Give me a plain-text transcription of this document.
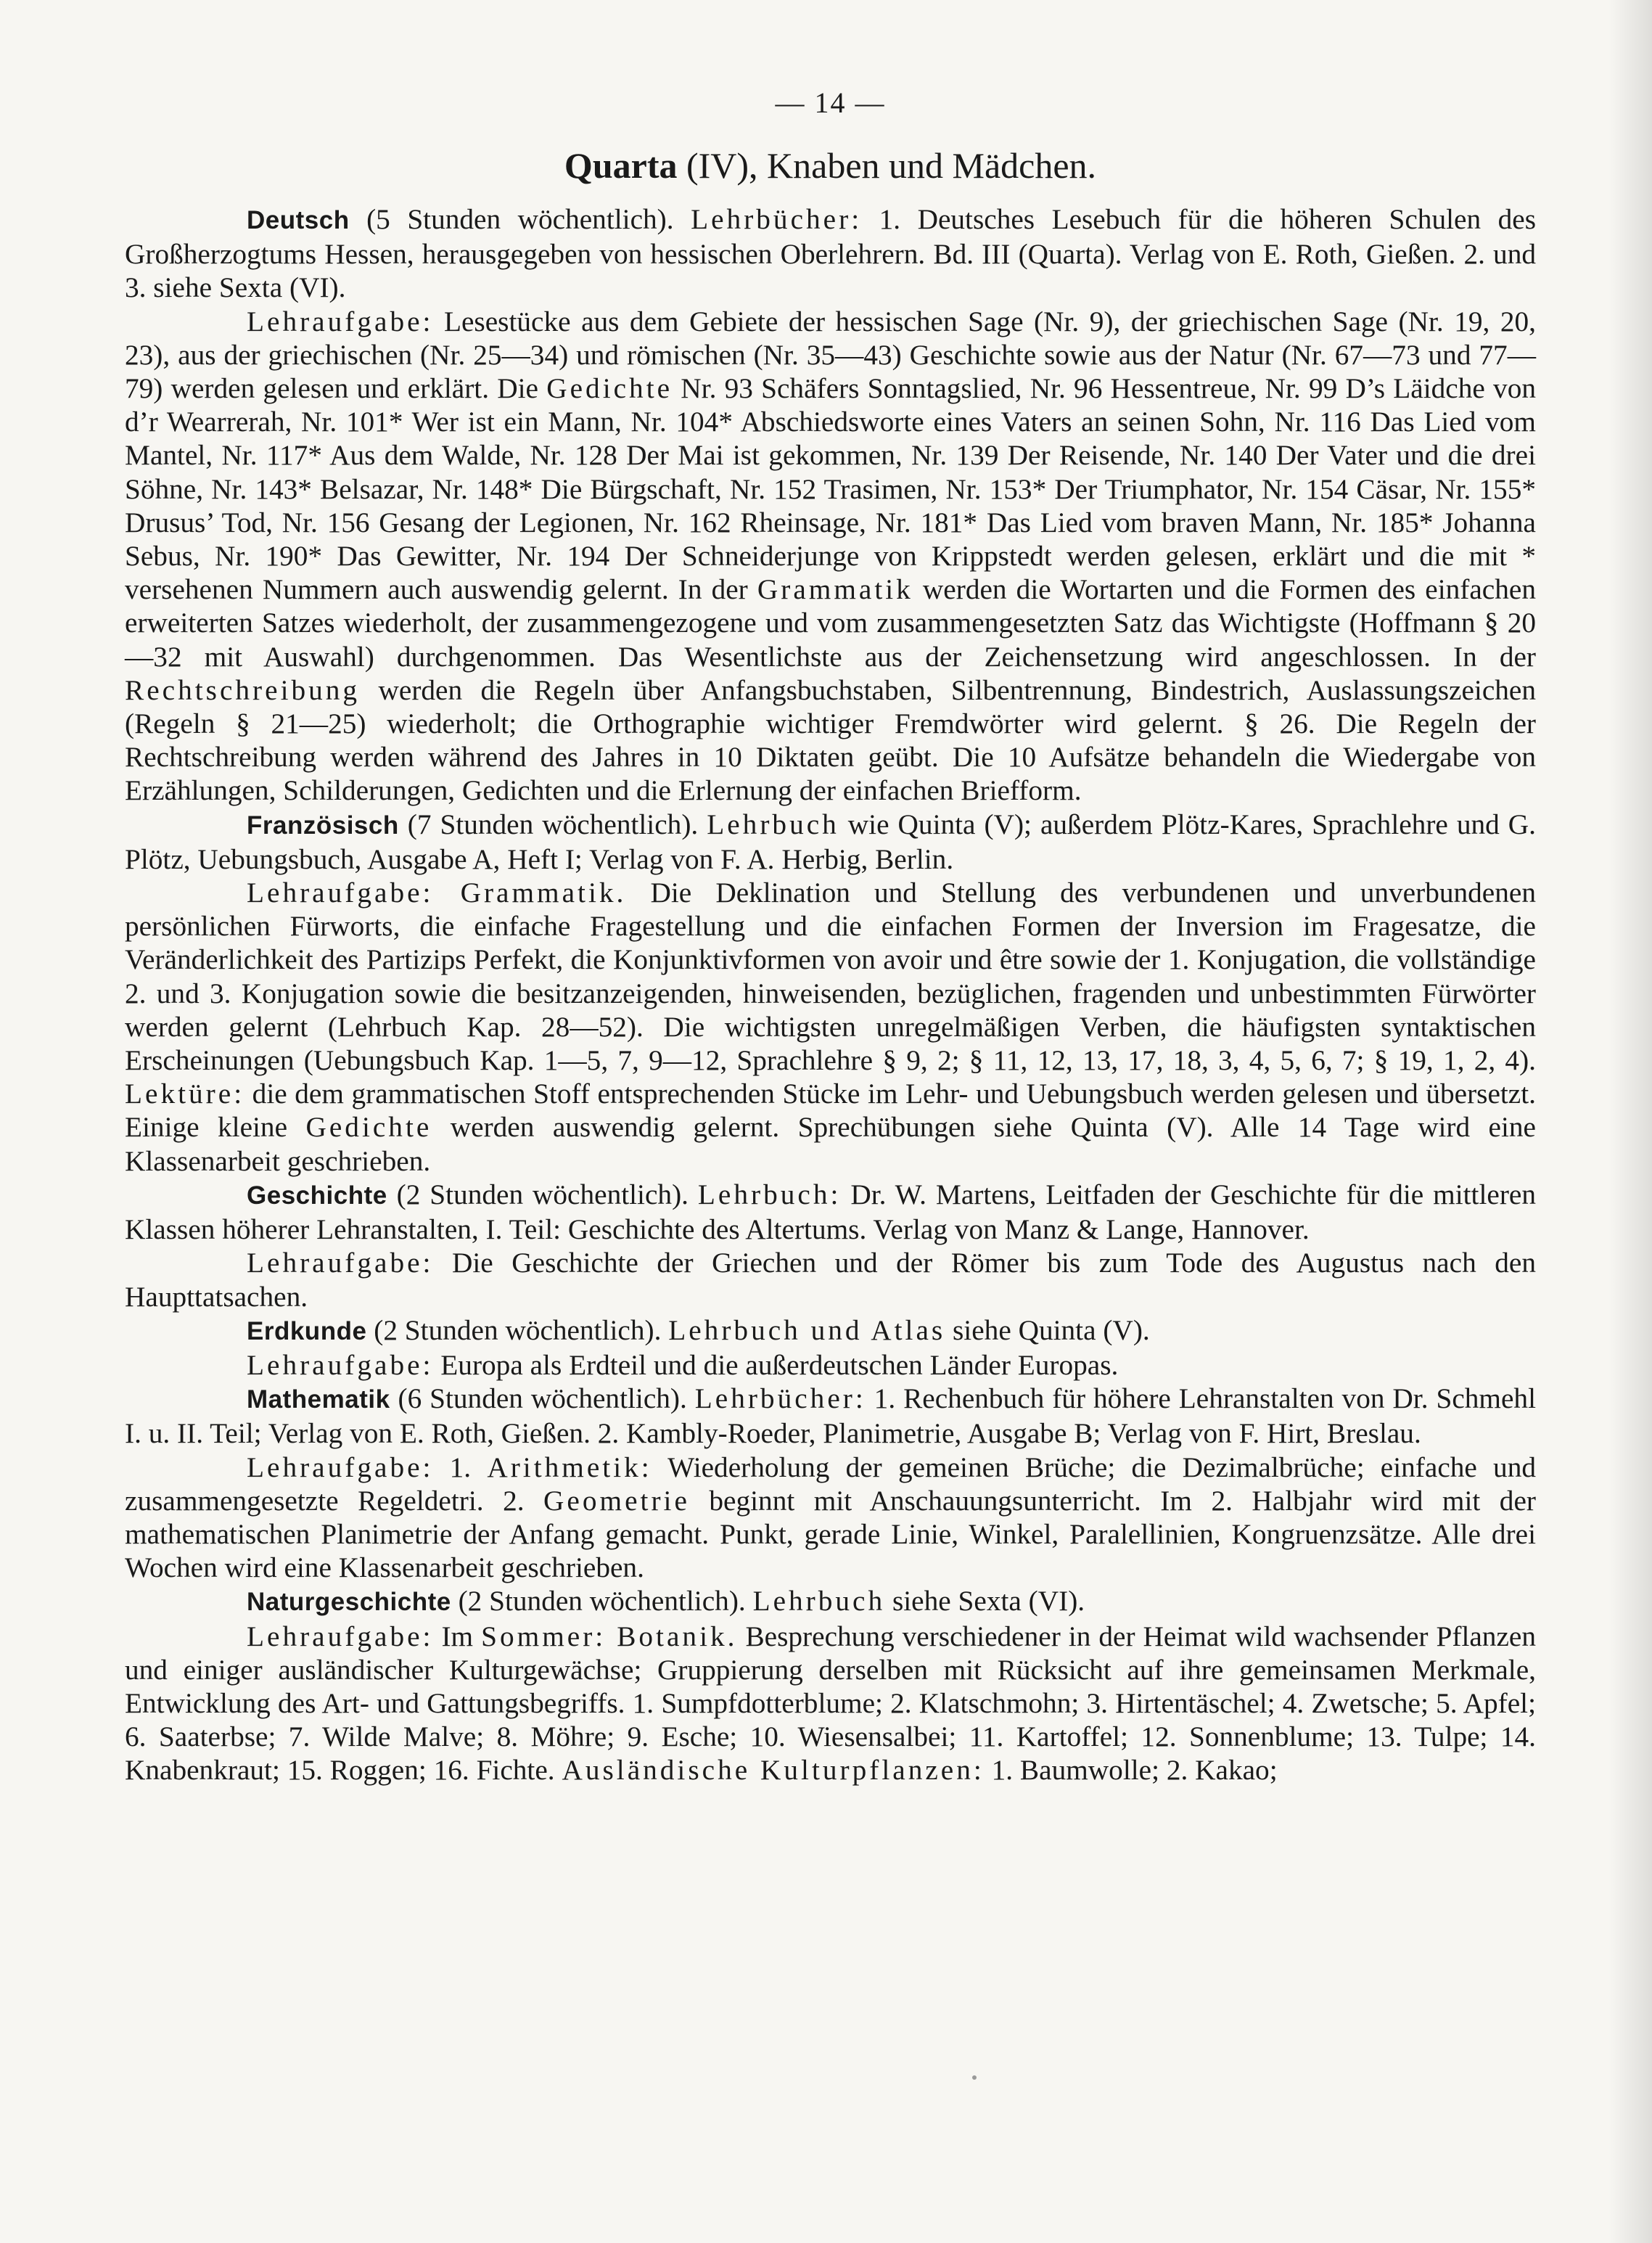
— 14 —
Quarta (IV), Knaben und Mädchen.

Deutsch (5 Stunden wöchentlich). Lehrbücher: 1. Deutsches Lesebuch für die höheren Schulen des Großherzogtums Hessen, herausgegeben von hessischen Oberlehrern. Bd. III (Quarta). Verlag von E. Roth, Gießen. 2. und 3. siehe Sexta (VI).

Lehraufgabe: Lesestücke aus dem Gebiete der hessischen Sage (Nr. 9), der griechischen Sage (Nr. 19, 20, 23), aus der griechischen (Nr. 25—34) und römischen (Nr. 35—43) Geschichte sowie aus der Natur (Nr. 67—73 und 77—79) werden gelesen und erklärt. Die Gedichte Nr. 93 Schäfers Sonntagslied, Nr. 96 Hessentreue, Nr. 99 D’s Läidche von d’r Wearrerah, Nr. 101* Wer ist ein Mann, Nr. 104* Abschiedsworte eines Vaters an seinen Sohn, Nr. 116 Das Lied vom Mantel, Nr. 117* Aus dem Walde, Nr. 128 Der Mai ist gekommen, Nr. 139 Der Reisende, Nr. 140 Der Vater und die drei Söhne, Nr. 143* Belsazar, Nr. 148* Die Bürgschaft, Nr. 152 Trasimen, Nr. 153* Der Triumphator, Nr. 154 Cäsar, Nr. 155* Drusus’ Tod, Nr. 156 Gesang der Legionen, Nr. 162 Rheinsage, Nr. 181* Das Lied vom braven Mann, Nr. 185* Johanna Sebus, Nr. 190* Das Gewitter, Nr. 194 Der Schneiderjunge von Krippstedt werden gelesen, erklärt und die mit * versehenen Nummern auch auswendig gelernt. In der Grammatik werden die Wortarten und die Formen des einfachen erweiterten Satzes wiederholt, der zusammengezogene und vom zusammengesetzten Satz das Wichtigste (Hoffmann § 20—32 mit Auswahl) durchgenommen. Das Wesentlichste aus der Zeichensetzung wird angeschlossen. In der Rechtschreibung werden die Regeln über Anfangsbuchstaben, Silbentrennung, Bindestrich, Auslassungszeichen (Regeln § 21—25) wiederholt; die Orthographie wichtiger Fremdwörter wird gelernt. § 26. Die Regeln der Rechtschreibung werden während des Jahres in 10 Diktaten geübt. Die 10 Aufsätze behandeln die Wiedergabe von Erzählungen, Schilderungen, Gedichten und die Erlernung der einfachen Briefform.

Französisch (7 Stunden wöchentlich). Lehrbuch wie Quinta (V); außerdem Plötz-Kares, Sprachlehre und G. Plötz, Uebungsbuch, Ausgabe A, Heft I; Verlag von F. A. Herbig, Berlin.

Lehraufgabe: Grammatik. Die Deklination und Stellung des verbundenen und unverbundenen persönlichen Fürworts, die einfache Fragestellung und die einfachen Formen der Inversion im Fragesatze, die Veränderlichkeit des Partizips Perfekt, die Konjunktivformen von avoir und être sowie der 1. Konjugation, die vollständige 2. und 3. Konjugation sowie die besitzanzeigenden, hinweisenden, bezüglichen, fragenden und unbestimmten Fürwörter werden gelernt (Lehrbuch Kap. 28—52). Die wichtigsten unregelmäßigen Verben, die häufigsten syntaktischen Erscheinungen (Uebungsbuch Kap. 1—5, 7, 9—12, Sprachlehre § 9, 2; § 11, 12, 13, 17, 18, 3, 4, 5, 6, 7; § 19, 1, 2, 4). Lektüre: die dem grammatischen Stoff entsprechenden Stücke im Lehr- und Uebungsbuch werden gelesen und übersetzt. Einige kleine Gedichte werden auswendig gelernt. Sprechübungen siehe Quinta (V). Alle 14 Tage wird eine Klassenarbeit geschrieben.

Geschichte (2 Stunden wöchentlich). Lehrbuch: Dr. W. Martens, Leitfaden der Geschichte für die mittleren Klassen höherer Lehranstalten, I. Teil: Geschichte des Altertums. Verlag von Manz & Lange, Hannover.

Lehraufgabe: Die Geschichte der Griechen und der Römer bis zum Tode des Augustus nach den Haupttatsachen.

Erdkunde (2 Stunden wöchentlich). Lehrbuch und Atlas siehe Quinta (V).

Lehraufgabe: Europa als Erdteil und die außerdeutschen Länder Europas.

Mathematik (6 Stunden wöchentlich). Lehrbücher: 1. Rechenbuch für höhere Lehranstalten von Dr. Schmehl I. u. II. Teil; Verlag von E. Roth, Gießen. 2. Kambly-Roeder, Planimetrie, Ausgabe B; Verlag von F. Hirt, Breslau.

Lehraufgabe: 1. Arithmetik: Wiederholung der gemeinen Brüche; die Dezimalbrüche; einfache und zusammengesetzte Regeldetri. 2. Geometrie beginnt mit Anschauungsunterricht. Im 2. Halbjahr wird mit der mathematischen Planimetrie der Anfang gemacht. Punkt, gerade Linie, Winkel, Paralellinien, Kongruenzsätze. Alle drei Wochen wird eine Klassenarbeit geschrieben.

Naturgeschichte (2 Stunden wöchentlich). Lehrbuch siehe Sexta (VI).

Lehraufgabe: Im Sommer: Botanik. Besprechung verschiedener in der Heimat wild wachsender Pflanzen und einiger ausländischer Kulturgewächse; Gruppierung derselben mit Rücksicht auf ihre gemeinsamen Merkmale, Entwicklung des Art- und Gattungsbegriffs. 1. Sumpfdotterblume; 2. Klatschmohn; 3. Hirtentäschel; 4. Zwetsche; 5. Apfel; 6. Saaterbse; 7. Wilde Malve; 8. Möhre; 9. Esche; 10. Wiesensalbei; 11. Kartoffel; 12. Sonnenblume; 13. Tulpe; 14. Knabenkraut; 15. Roggen; 16. Fichte. Ausländische Kulturpflanzen: 1. Baumwolle; 2. Kakao;
